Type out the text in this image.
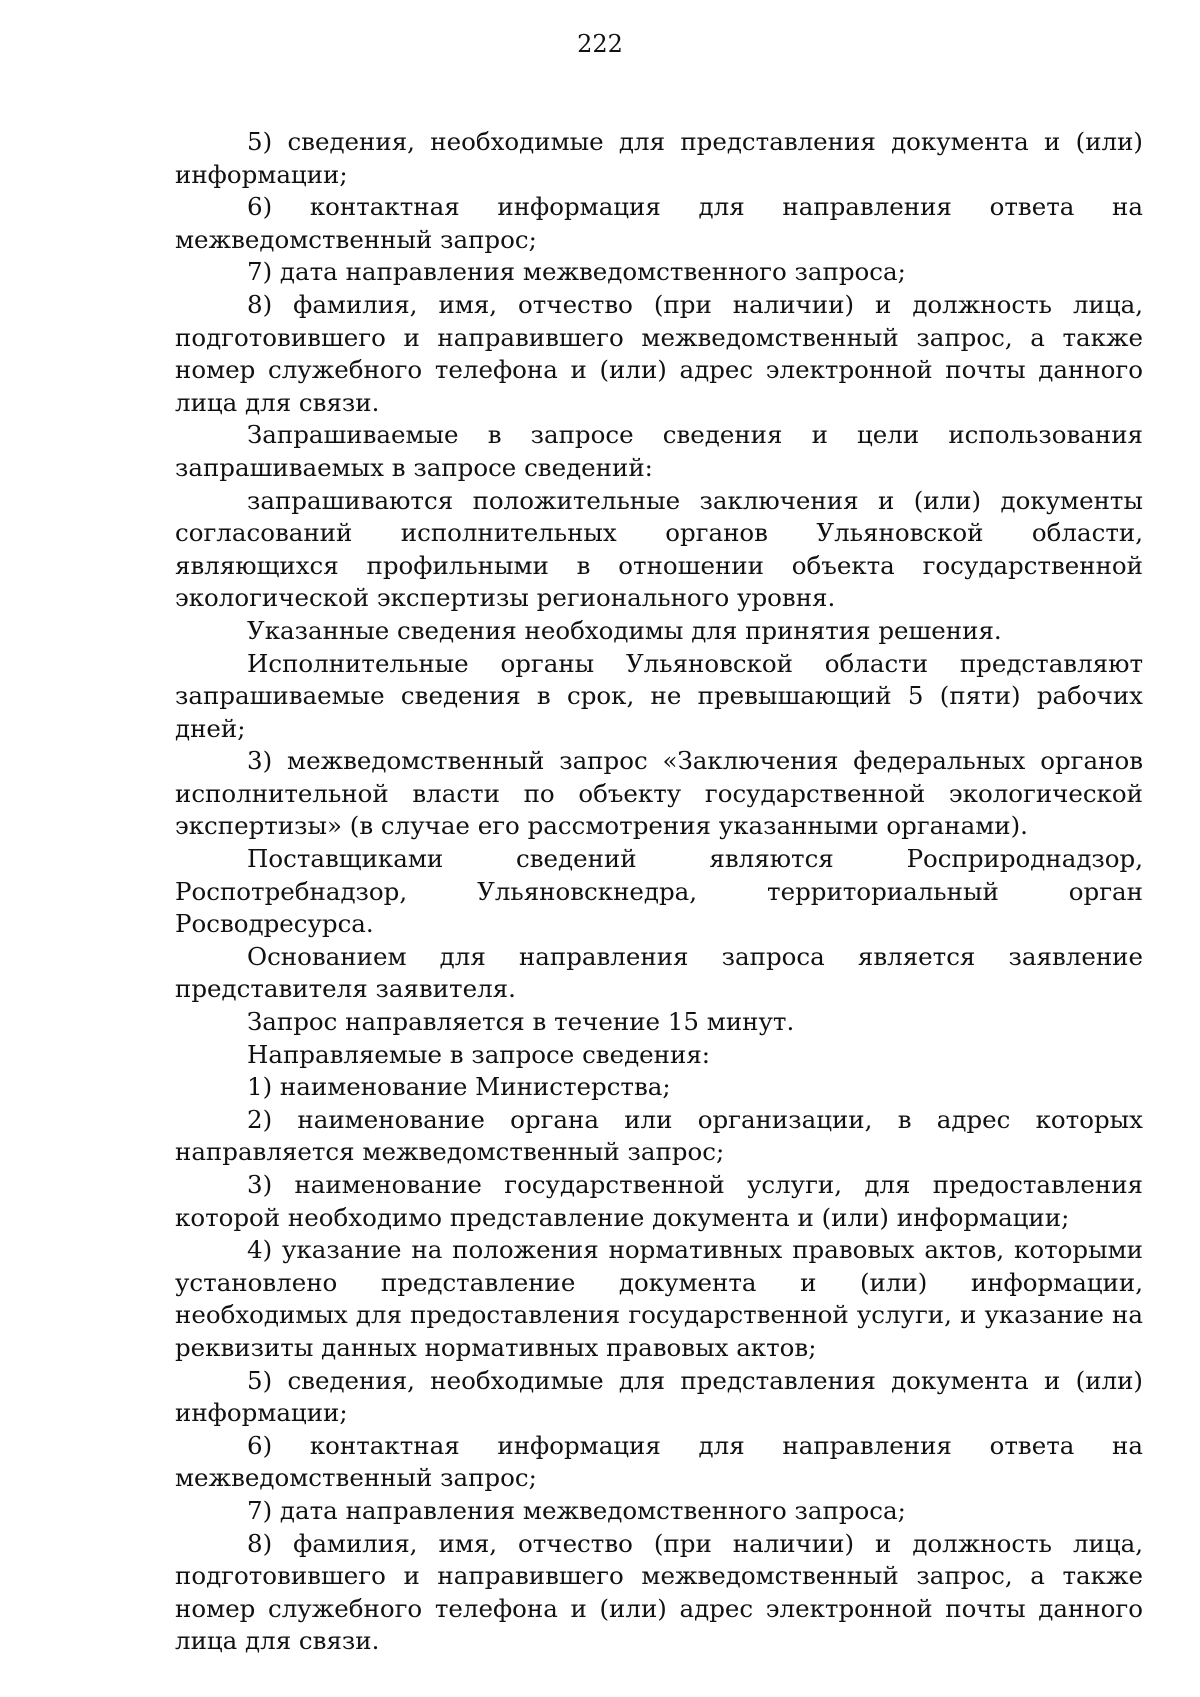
222

5) сведения, необходимые для представления документа и (или) информации;

6) контактная информация для направления ответа на межведомственный запрос;

7) дата направления межведомственного запроса;

8) фамилия, имя, отчество (при наличии) и должность лица, подготовившего и направившего межведомственный запрос, а также номер служебного телефона и (или) адрес электронной почты данного лица для связи.

Запрашиваемые в запросе сведения и цели использования запрашиваемых в запросе сведений:

запрашиваются положительные заключения и (или) документы согласований исполнительных органов Ульяновской области, являющихся профильными в отношении объекта государственной экологической экспертизы регионального уровня.

Указанные сведения необходимы для принятия решения.

Исполнительные органы Ульяновской области представляют запрашиваемые сведения в срок, не превышающий 5 (пяти) рабочих дней;

3) межведомственный запрос «Заключения федеральных органов исполнительной власти по объекту государственной экологической экспертизы» (в случае его рассмотрения указанными органами).

Поставщиками сведений являются Росприроднадзор, Роспотребнадзор, Ульяновскнедра, территориальный орган Росводресурса.

Основанием для направления запроса является заявление представителя заявителя.

Запрос направляется в течение 15 минут.

Направляемые в запросе сведения:

1) наименование Министерства;

2) наименование органа или организации, в адрес которых направляется межведомственный запрос;

3) наименование государственной услуги, для предоставления которой необходимо представление документа и (или) информации;

4) указание на положения нормативных правовых актов, которыми установлено представление документа и (или) информации, необходимых для предоставления государственной услуги, и указание на реквизиты данных нормативных правовых актов;

5) сведения, необходимые для представления документа и (или) информации;

6) контактная информация для направления ответа на межведомственный запрос;

7) дата направления межведомственного запроса;

8) фамилия, имя, отчество (при наличии) и должность лица, подготовившего и направившего межведомственный запрос, а также номер служебного телефона и (или) адрес электронной почты данного лица для связи.
